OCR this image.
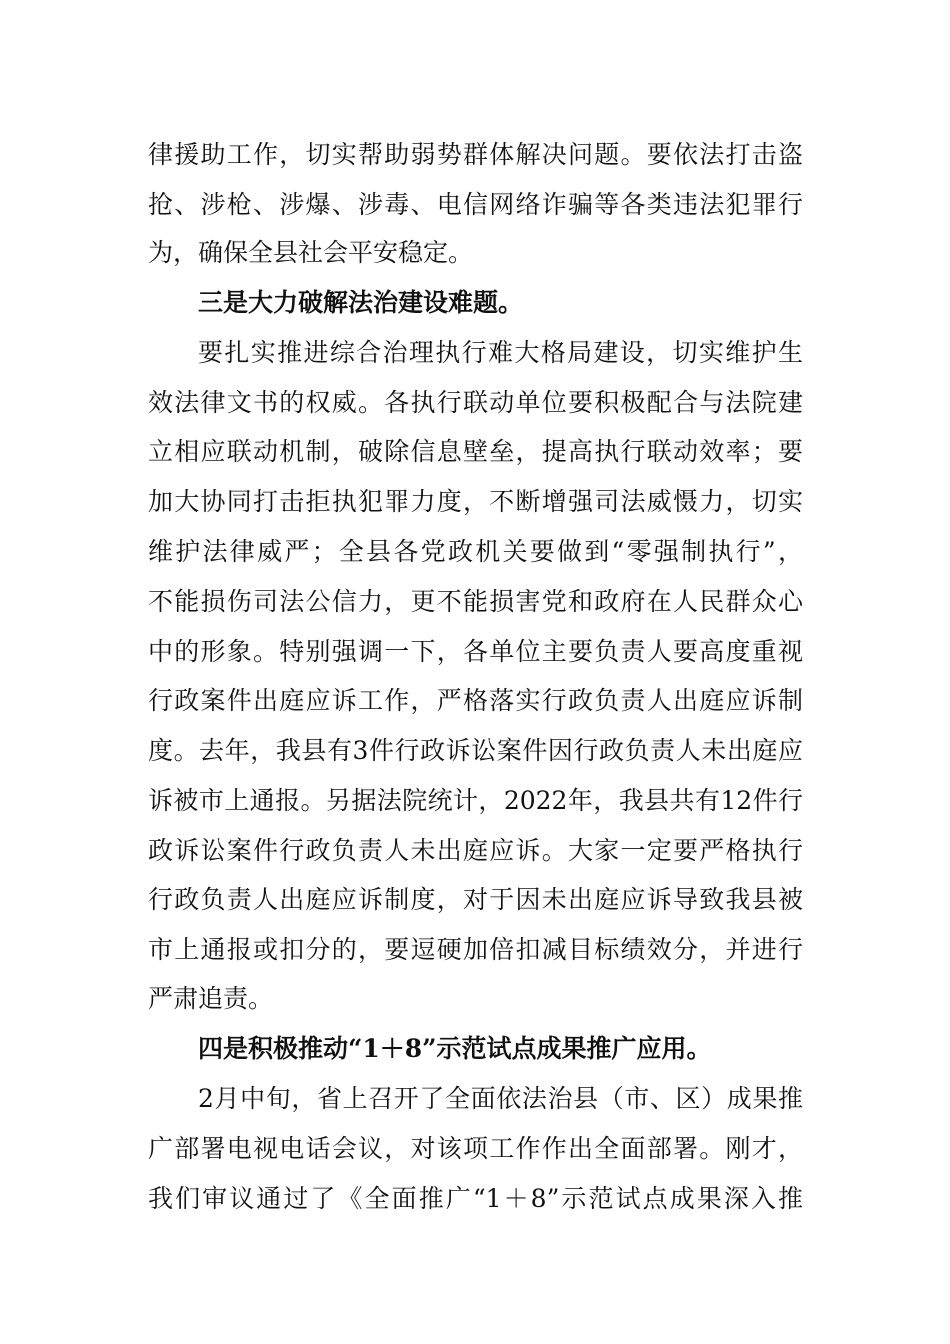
律援助工作，切实帮助弱势群体解决问题。要依法打击盗
抢、涉枪、涉爆、涉毒、电信网络诈骗等各类违法犯罪行
为，确保全县社会平安稳定。
三是大力破解法治建设难题。
要扎实推进综合治理执行难大格局建设，切实维护生
效法律文书的权威。各执行联动单位要积极配合与法院建
立相应联动机制，破除信息壁垒，提高执行联动效率；要
加大协同打击拒执犯罪力度，不断增强司法威慑力，切实
维护法律威严；全县各党政机关要做到“零强制执行”，
不能损伤司法公信力，更不能损害党和政府在人民群众心
中的形象。特别强调一下，各单位主要负责人要高度重视
行政案件出庭应诉工作，严格落实行政负责人出庭应诉制
度。去年，我县有3件行政诉讼案件因行政负责人未出庭应
诉被市上通报。另据法院统计，2022年，我县共有12件行
政诉讼案件行政负责人未出庭应诉。大家一定要严格执行
行政负责人出庭应诉制度，对于因未出庭应诉导致我县被
市上通报或扣分的，要逗硬加倍扣减目标绩效分，并进行
严肃追责。
四是积极推动“1＋8”示范试点成果推广应用。
2月中旬，省上召开了全面依法治县（市、区）成果推
广部署电视电话会议，对该项工作作出全面部署。刚才，
我们审议通过了《全面推广“1＋8”示范试点成果深入推
